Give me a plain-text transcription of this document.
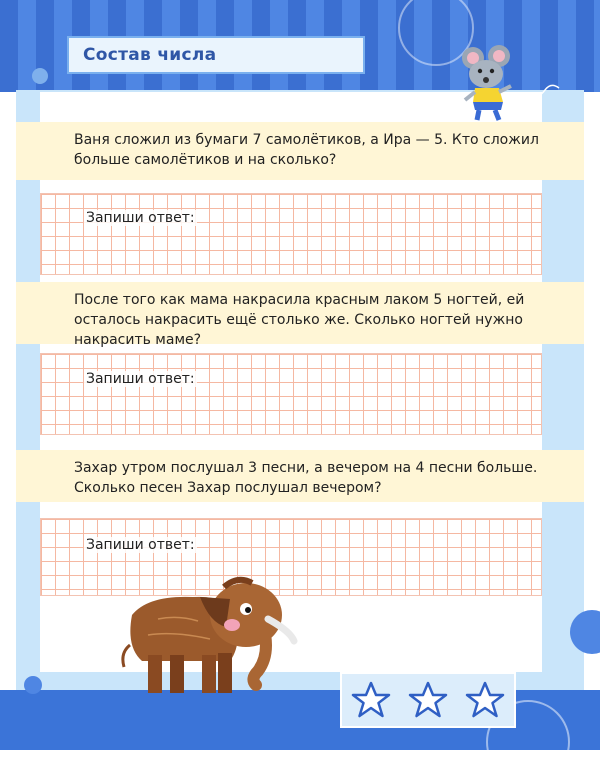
Состав числа
Ваня сложил из бумаги 7 самолётиков, а Ира — 5. Кто сложил больше самолётиков и на сколько?
Запиши ответ:
После того как мама накрасила красным лаком 5 ногтей, ей осталось накрасить ещё столько же. Сколько ногтей нужно накрасить маме?
Запиши ответ:
Захар утром послушал 3 песни, а вечером на 4 песни больше. Сколько песен Захар послушал вечером?
Запиши ответ:
